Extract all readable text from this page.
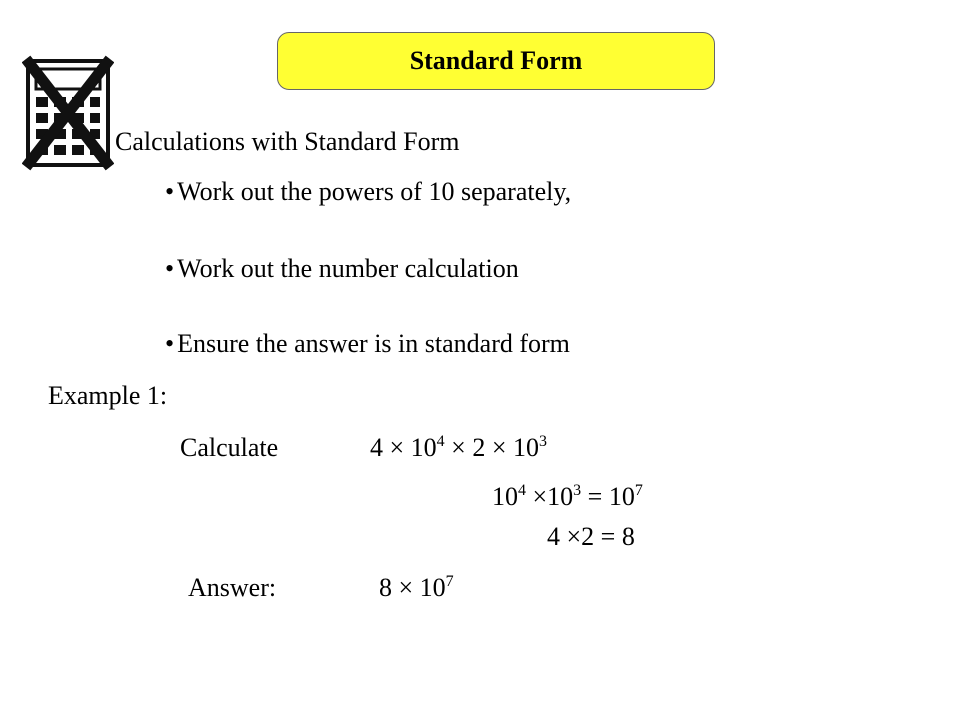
Standard Form
Calculations with Standard Form
• Work out the powers of 10 separately,
• Work out the number calculation
• Ensure the answer is in standard form
Example 1:
Calculate	$4 \times 10^4 \times 2 \times 10^3$
$10^4 \times 10^3 = 10^7$
4 ×2 = 8
Answer:	$8 \times 10^7$
